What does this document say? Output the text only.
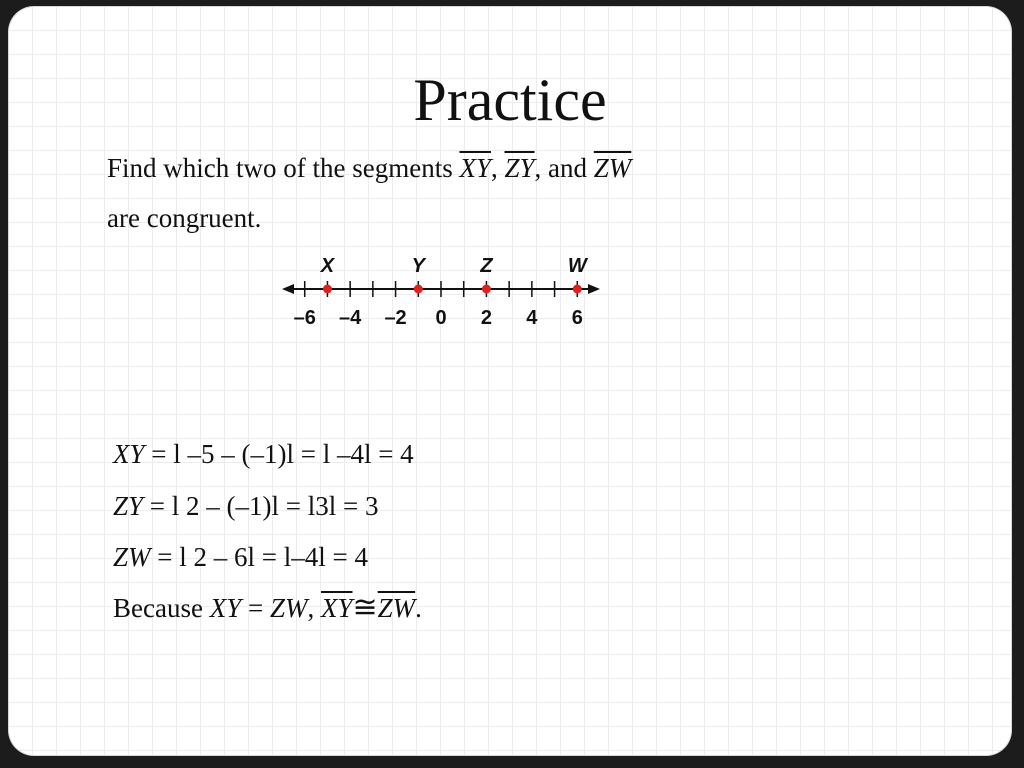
Practice
Find which two of the segments $\overline{XY}$, $\overline{ZY}$, and $\overline{ZW}$
are congruent.
–6 –4 –2 0 2 4 6
X	Y	Z	W
XY = l –5 – (–1)l = l –4l = 4
ZY = l 2 – (–1)l = l3l = 3
ZW = l 2 – 6l = l–4l = 4
Because XY = ZW, $\overline{XY}≅\overline{ZW}$.
